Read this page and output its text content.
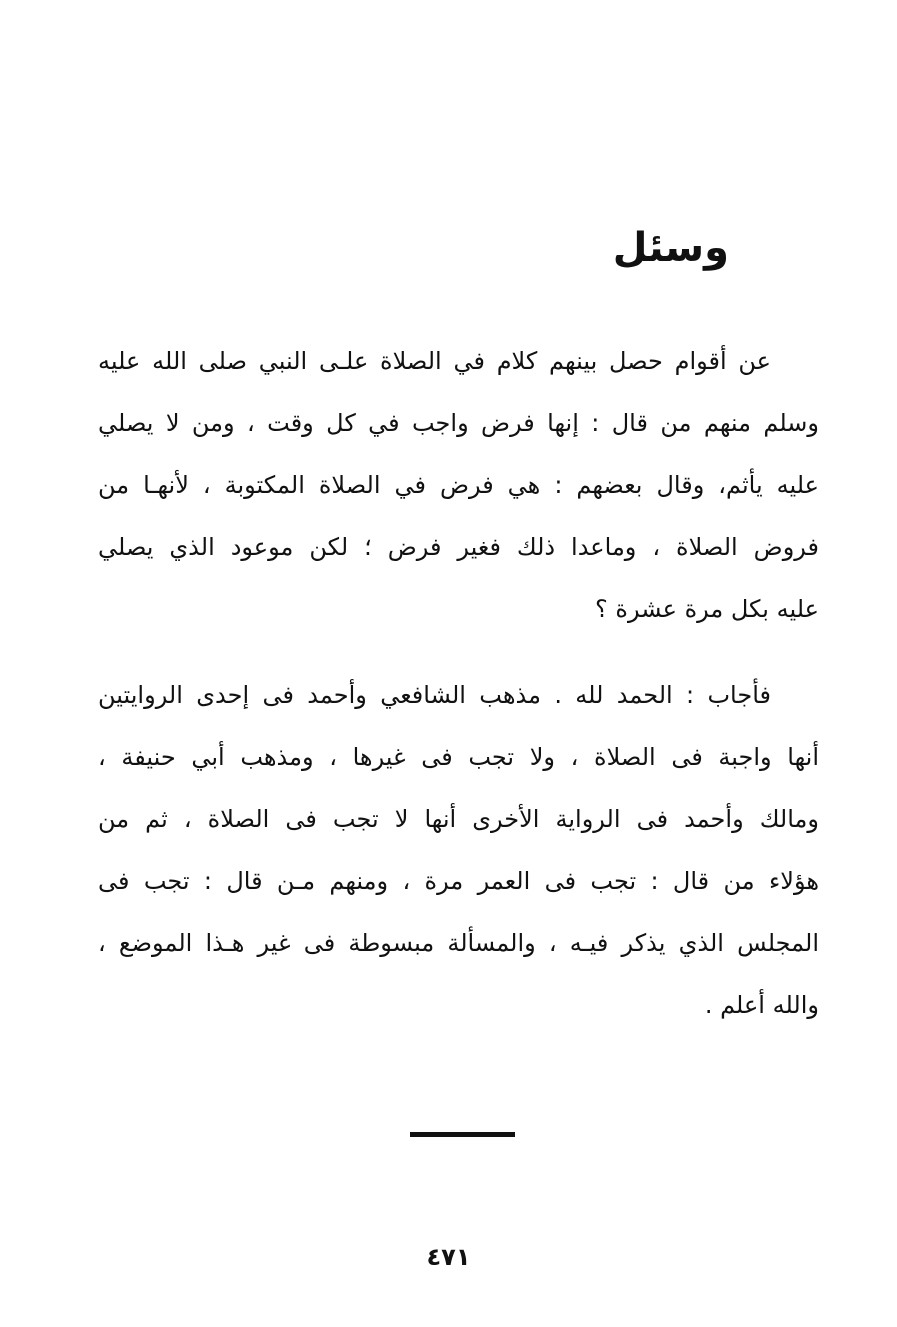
وسئل
عن أقوام حصل بينهم كلام في الصلاة علـى النبي صلى الله عليه
وسلم منهم من قال : إنها فرض واجب في كل وقت ، ومن لا يصلي
عليه يأثم، وقال بعضهم : هي فرض في الصلاة المكتوبة ، لأنهـا من
فروض الصلاة ، وماعدا ذلك فغير فرض ؛ لكن موعود الذي يصلي
عليه بكل مرة عشرة ؟
فأجاب : الحمد لله . مذهب الشافعي وأحمد فى إحدى الروايتين
أنها واجبة فى الصلاة ، ولا تجب فى غيرها ، ومذهب أبي حنيفة ،
ومالك وأحمد فى الرواية الأخرى أنها لا تجب فى الصلاة ، ثم من
هؤلاء من قال : تجب فى العمر مرة ، ومنهم مـن قال : تجب فى
المجلس الذي يذكر فيـه ، والمسألة مبسوطة فى غير هـذا الموضع ،
والله أعلم .
٤٧١
